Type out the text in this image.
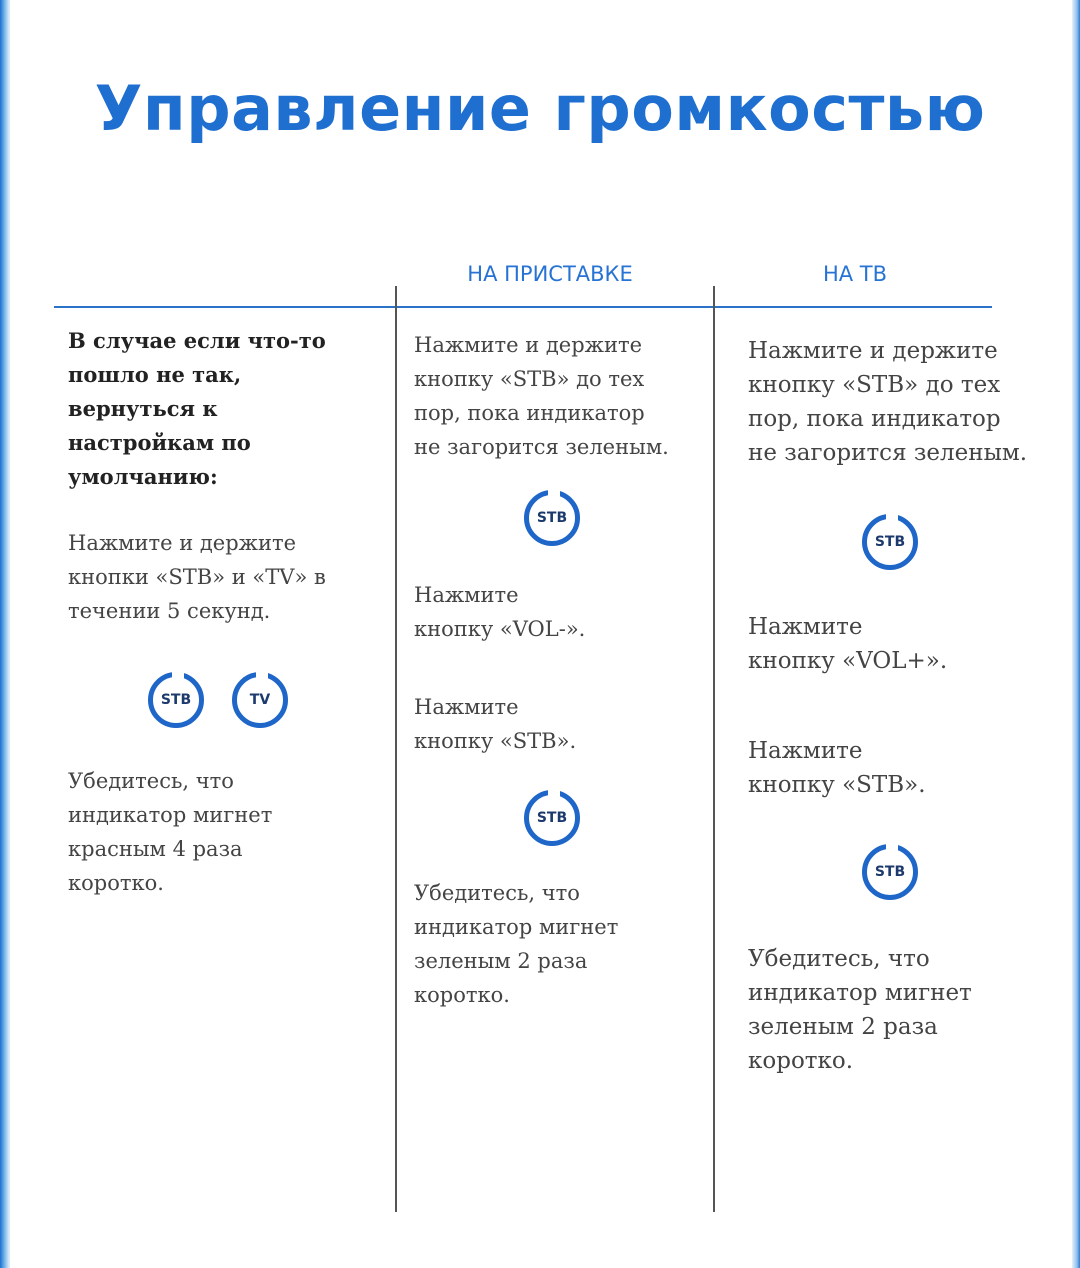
Управление громкостью
НА ПРИСТАВКЕ	НА ТВ
В случае если что-то
пошло не так,
вернуться к
настройкам по
умолчанию:

Нажмите и держите
кнопки «STB» и «TV» в
течении 5 секунд.

STB	TV

Убедитесь, что
индикатор мигнет
красным 4 раза
коротко.

Нажмите и держите
кнопку «STB» до тех
пор, пока индикатор
не загорится зеленым.

STB

Нажмите
кнопку «VOL-».

Нажмите
кнопку «STB».

STB

Убедитесь, что
индикатор мигнет
зеленым 2 раза
коротко.

Нажмите и держите
кнопку «STB» до тех
пор, пока индикатор
не загорится зеленым.

STB

Нажмите
кнопку «VOL+».

Нажмите
кнопку «STB».

STB

Убедитесь, что
индикатор мигнет
зеленым 2 раза
коротко.
